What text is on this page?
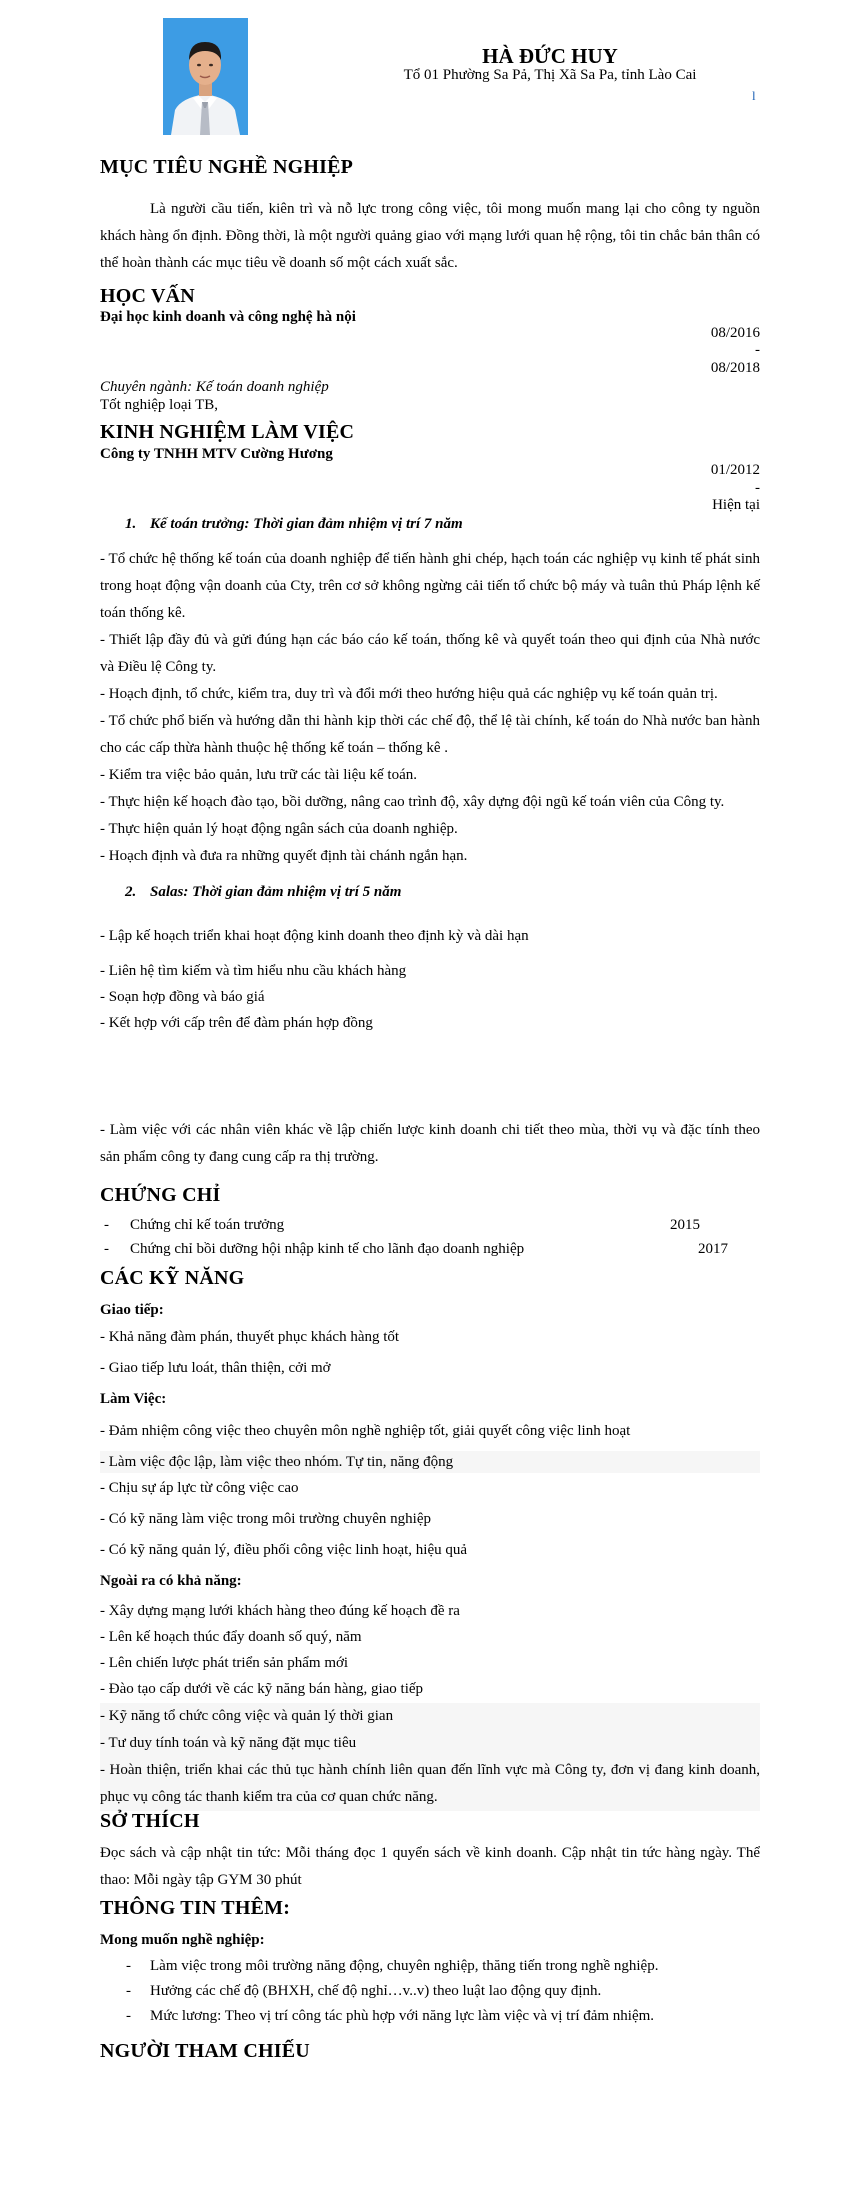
HÀ ĐỨC HUY
Tổ 01 Phường Sa Pả, Thị Xã Sa Pa, tỉnh Lào Cai
l
MỤC TIÊU NGHỀ NGHIỆP
Là người cầu tiến, kiên trì và nỗ lực trong công việc, tôi mong muốn mang lại cho công ty nguồn khách hàng ổn định. Đồng thời, là một người quảng giao với mạng lưới quan hệ rộng, tôi tin chắc bản thân có thể hoàn thành các mục tiêu về doanh số một cách xuất sắc.
HỌC VẤN
Đại học kinh doanh và công nghệ hà nội
08/2016
-
08/2018
Chuyên ngành: Kế toán doanh nghiệp
Tốt nghiệp loại TB,
KINH NGHIỆM LÀM VIỆC
Công ty TNHH MTV Cường Hương
01/2012
-
Hiện tại
1. Kế toán trưởng: Thời gian đảm nhiệm vị trí 7 năm
- Tổ chức hệ thống kế toán của doanh nghiệp để tiến hành ghi chép, hạch toán các nghiệp vụ kinh tế phát sinh trong hoạt động vận doanh của Cty, trên cơ sở không ngừng cải tiến tổ chức bộ máy và tuân thủ Pháp lệnh kế toán thống kê.
- Thiết lập đầy đủ và gửi đúng hạn các báo cáo kế toán, thống kê và quyết toán theo qui định của Nhà nước và Điều lệ Công ty.
- Hoạch định, tổ chức, kiểm tra, duy trì và đổi mới theo hướng hiệu quả các nghiệp vụ kế toán quản trị.
- Tổ chức phổ biến và hướng dẫn thi hành kịp thời các chế độ, thể lệ tài chính, kế toán do Nhà nước ban hành cho các cấp thừa hành thuộc hệ thống kế toán – thống kê .
- Kiểm tra việc bảo quản, lưu trữ các tài liệu kế toán.
- Thực hiện kế hoạch đào tạo, bồi dưỡng, nâng cao trình độ, xây dựng đội ngũ kế toán viên của Công ty.
- Thực hiện quản lý hoạt động ngân sách của doanh nghiệp.
- Hoạch định và đưa ra những quyết định tài chánh ngắn hạn.
2. Salas: Thời gian đảm nhiệm vị trí 5 năm
- Lập kế hoạch triển khai hoạt động kinh doanh theo định kỳ và dài hạn
- Liên hệ tìm kiếm và tìm hiểu nhu cầu khách hàng
- Soạn hợp đồng và báo giá
- Kết hợp với cấp trên để đàm phán hợp đồng
- Làm việc với các nhân viên khác về lập chiến lược kinh doanh chi tiết theo mùa, thời vụ và đặc tính theo sản phẩm công ty đang cung cấp ra thị trường.
CHỨNG CHỈ
- Chứng chỉ kế toán trưởng	2015
- Chứng chỉ bồi dưỡng hội nhập kinh tế cho lãnh đạo doanh nghiệp	2017
CÁC KỸ NĂNG
Giao tiếp:
- Khả năng đàm phán, thuyết phục khách hàng tốt
- Giao tiếp lưu loát, thân thiện, cởi mở
Làm Việc:
- Đảm nhiệm công việc theo chuyên môn nghề nghiệp tốt, giải quyết công việc linh hoạt
- Làm việc độc lập, làm việc theo nhóm. Tự tin, năng động
- Chịu sự áp lực từ công việc cao
- Có kỹ năng làm việc trong môi trường chuyên nghiệp
- Có kỹ năng quản lý, điều phối công việc linh hoạt, hiệu quả
Ngoài ra có khả năng:
- Xây dựng mạng lưới khách hàng theo đúng kế hoạch đề ra
- Lên kế hoạch thúc đẩy doanh số quý, năm
- Lên chiến lược phát triển sản phẩm mới
- Đào tạo cấp dưới về các kỹ năng bán hàng, giao tiếp
- Kỹ năng tổ chức công việc và quản lý thời gian
- Tư duy tính toán và kỹ năng đặt mục tiêu
- Hoàn thiện, triển khai các thủ tục hành chính liên quan đến lĩnh vực mà Công ty, đơn vị đang kinh doanh, phục vụ công tác thanh kiểm tra của cơ quan chức năng.
SỞ THÍCH
Đọc sách và cập nhật tin tức: Mỗi tháng đọc 1 quyển sách về kinh doanh. Cập nhật tin tức hàng ngày. Thể thao: Mỗi ngày tập GYM 30 phút
THÔNG TIN THÊM:
Mong muốn nghề nghiệp:
- Làm việc trong môi trường năng động, chuyên nghiệp, thăng tiến trong nghề nghiệp.
- Hưởng các chế độ (BHXH, chế độ nghỉ…v..v) theo luật lao động quy định.
- Mức lương: Theo vị trí công tác phù hợp với năng lực làm việc và vị trí đảm nhiệm.
NGƯỜI THAM CHIẾU
